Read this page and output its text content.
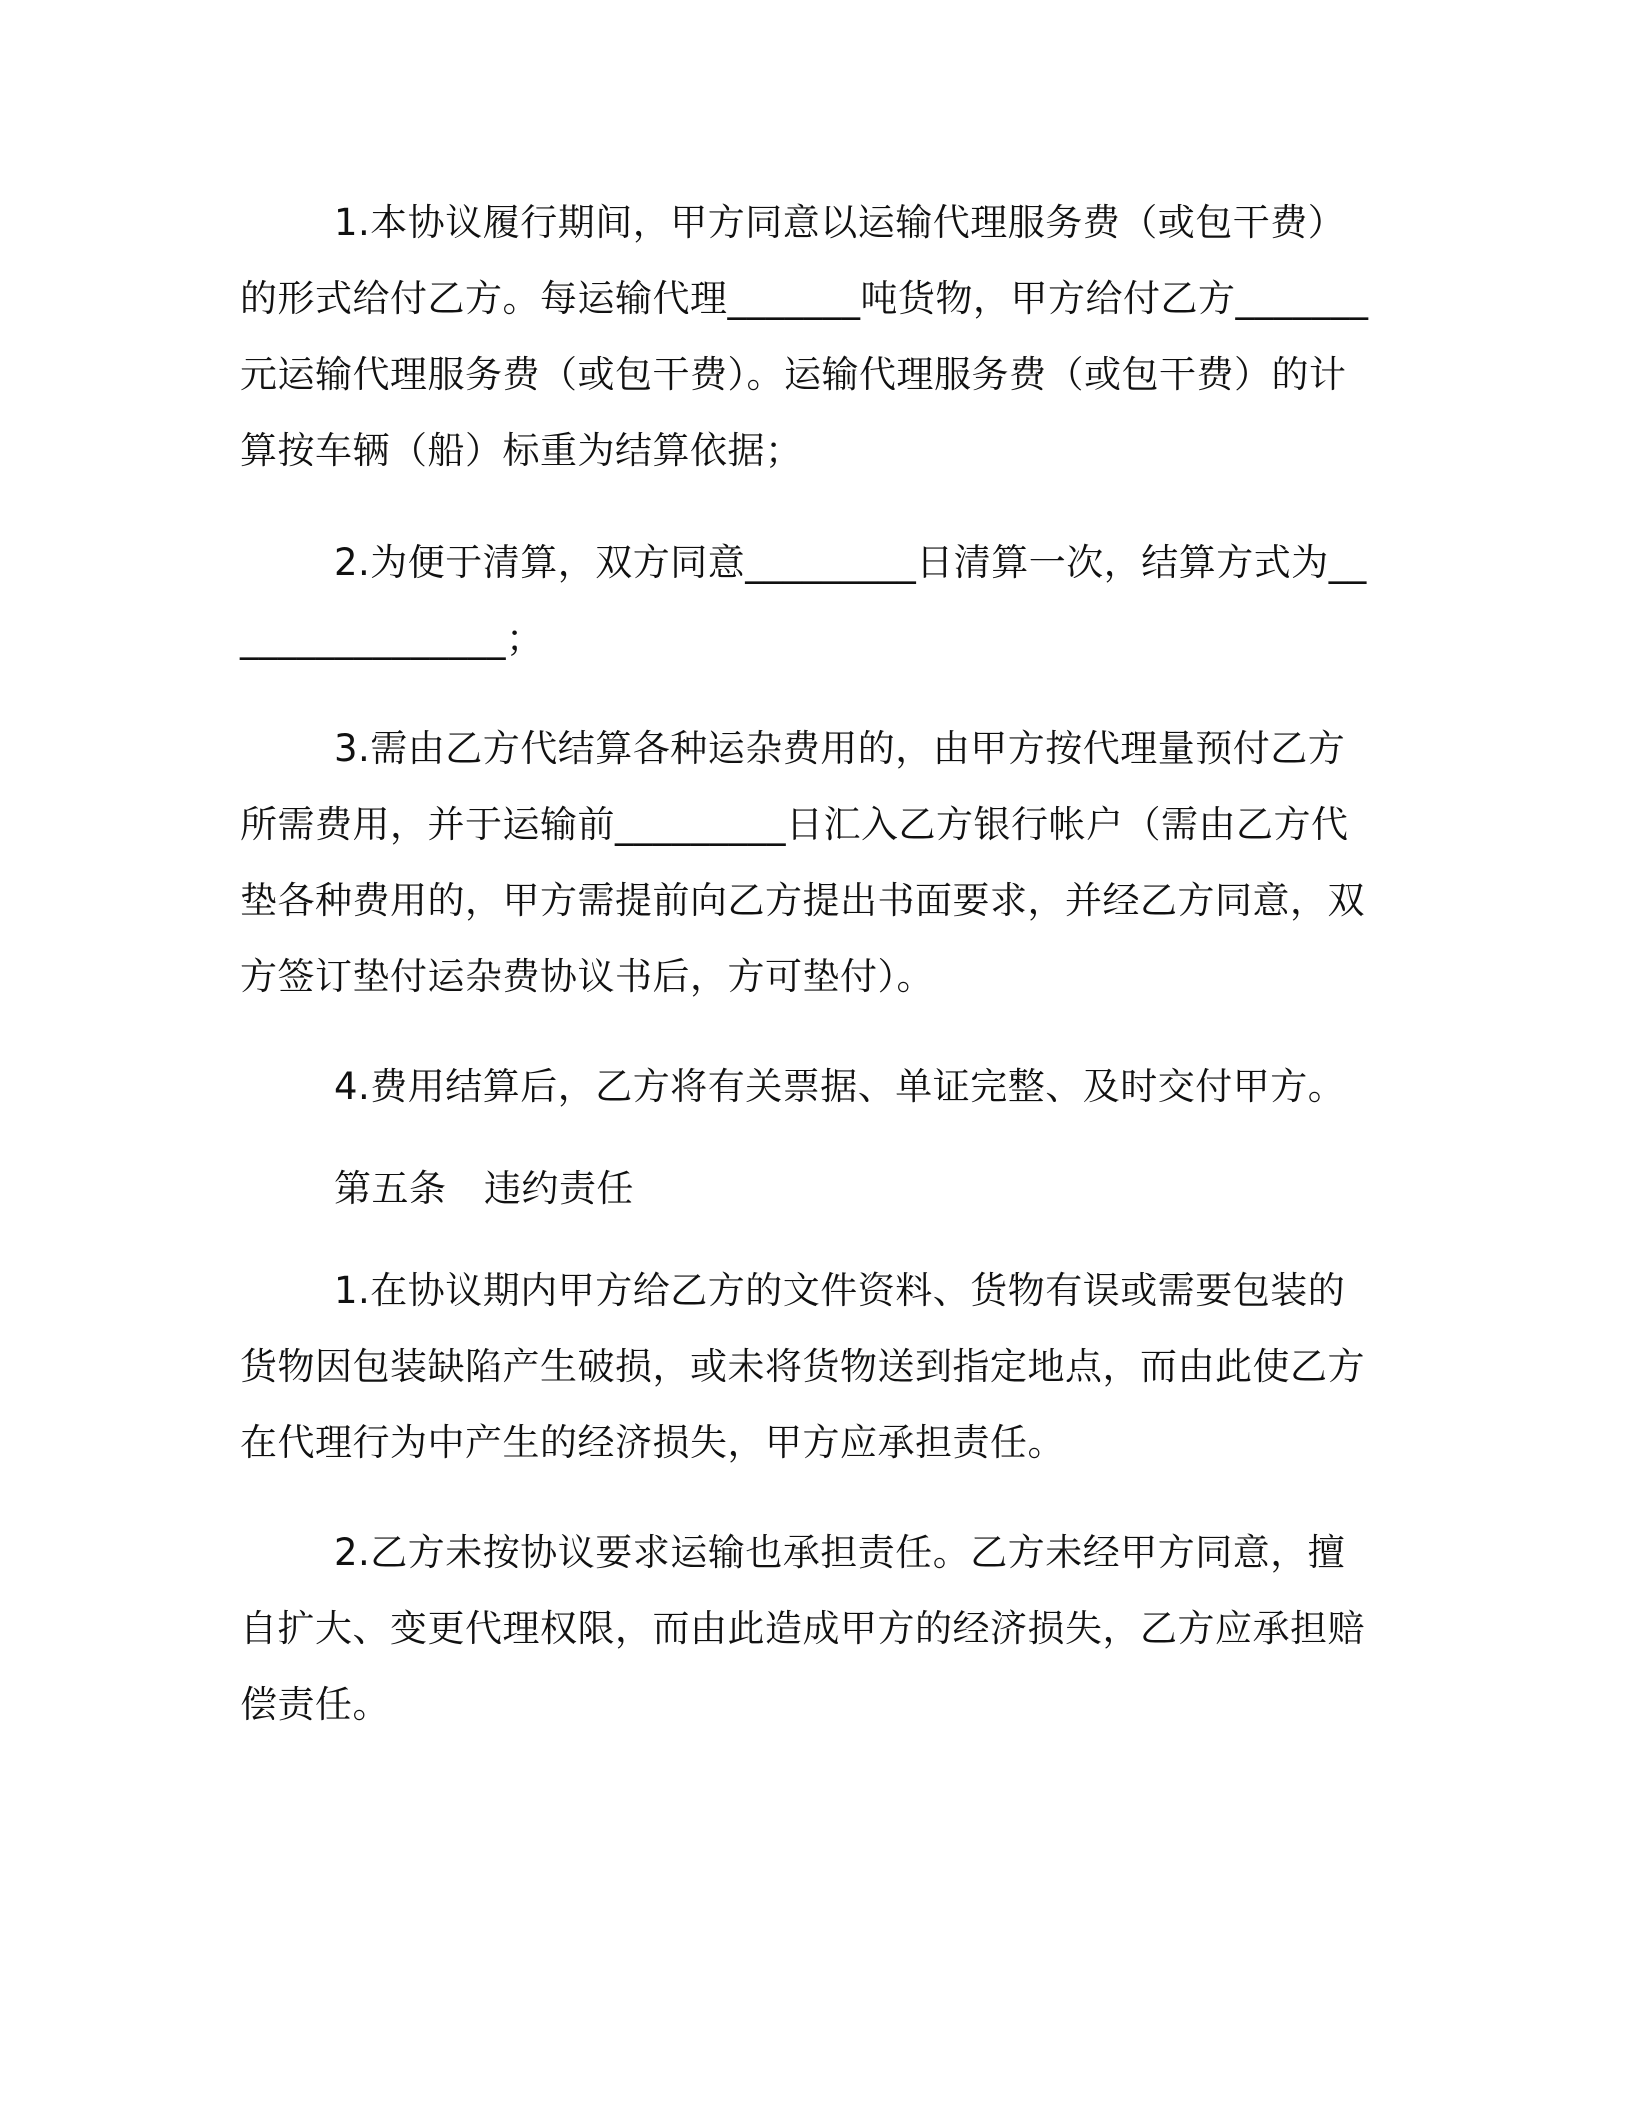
1.本协议履行期间，甲方同意以运输代理服务费（或包干费）的形式给付乙方。每运输代理_______吨货物，甲方给付乙方_______元运输代理服务费（或包干费）。运输代理服务费（或包干费）的计算按车辆（船）标重为结算依据；

2.为便于清算，双方同意_________日清算一次，结算方式为________________；

3.需由乙方代结算各种运杂费用的，由甲方按代理量预付乙方所需费用，并于运输前_________日汇入乙方银行帐户（需由乙方代垫各种费用的，甲方需提前向乙方提出书面要求，并经乙方同意，双方签订垫付运杂费协议书后，方可垫付）。

4.费用结算后，乙方将有关票据、单证完整、及时交付甲方。

第五条　违约责任

1.在协议期内甲方给乙方的文件资料、货物有误或需要包装的货物因包装缺陷产生破损，或未将货物送到指定地点，而由此使乙方在代理行为中产生的经济损失，甲方应承担责任。

2.乙方未按协议要求运输也承担责任。乙方未经甲方同意，擅自扩大、变更代理权限，而由此造成甲方的经济损失，乙方应承担赔偿责任。
